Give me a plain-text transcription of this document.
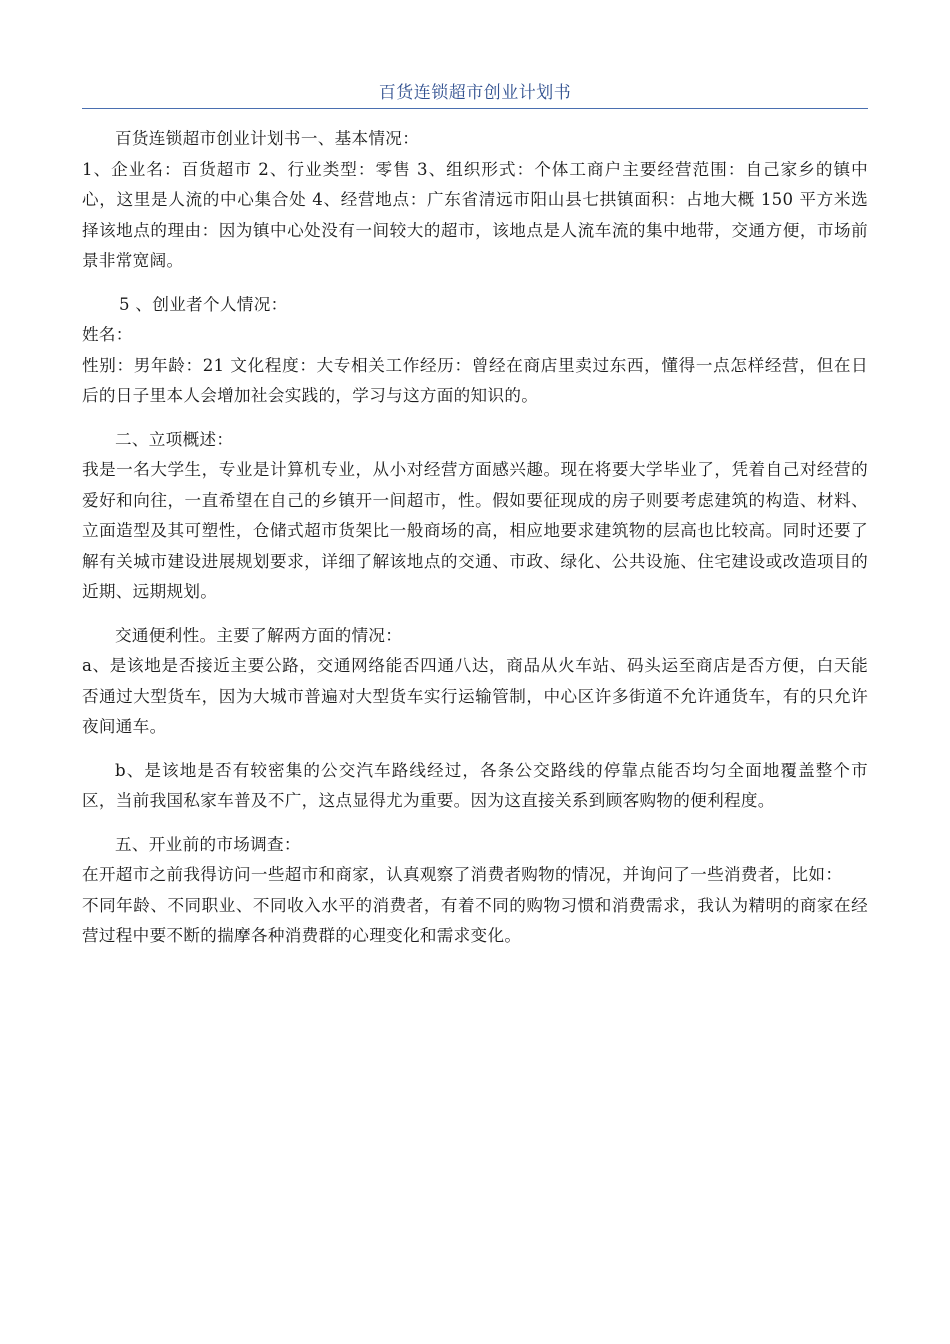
百货连锁超市创业计划书

百货连锁超市创业计划书一、基本情况：

1、企业名：百货超市 2、行业类型：零售 3、组织形式：个体工商户主要经营范围：自己家乡的镇中心，这里是人流的中心集合处 4、经营地点：广东省清远市阳山县七拱镇面积：占地大概 150 平方米选择该地点的理由：因为镇中心处没有一间较大的超市，该地点是人流车流的集中地带，交通方便，市场前景非常宽阔。

5 、创业者个人情况：

姓名：

性别：男年龄：21 文化程度：大专相关工作经历：曾经在商店里卖过东西，懂得一点怎样经营，但在日后的日子里本人会增加社会实践的，学习与这方面的知识的。

二、立项概述：

我是一名大学生，专业是计算机专业，从小对经营方面感兴趣。现在将要大学毕业了，凭着自己对经营的爱好和向往，一直希望在自己的乡镇开一间超市，性。假如要征现成的房子则要考虑建筑的构造、材料、立面造型及其可塑性，仓储式超市货架比一般商场的高，相应地要求建筑物的层高也比较高。同时还要了解有关城市建设进展规划要求，详细了解该地点的交通、市政、绿化、公共设施、住宅建设或改造项目的近期、远期规划。

交通便利性。主要了解两方面的情况：

a、是该地是否接近主要公路，交通网络能否四通八达，商品从火车站、码头运至商店是否方便，白天能否通过大型货车，因为大城市普遍对大型货车实行运输管制，中心区许多街道不允许通货车，有的只允许夜间通车。

b、是该地是否有较密集的公交汽车路线经过，各条公交路线的停靠点能否均匀全面地覆盖整个市区，当前我国私家车普及不广，这点显得尤为重要。因为这直接关系到顾客购物的便利程度。

五、开业前的市场调查：

在开超市之前我得访问一些超市和商家，认真观察了消费者购物的情况，并询问了一些消费者，比如：

不同年龄、不同职业、不同收入水平的消费者，有着不同的购物习惯和消费需求，我认为精明的商家在经营过程中要不断的揣摩各种消费群的心理变化和需求变化。
